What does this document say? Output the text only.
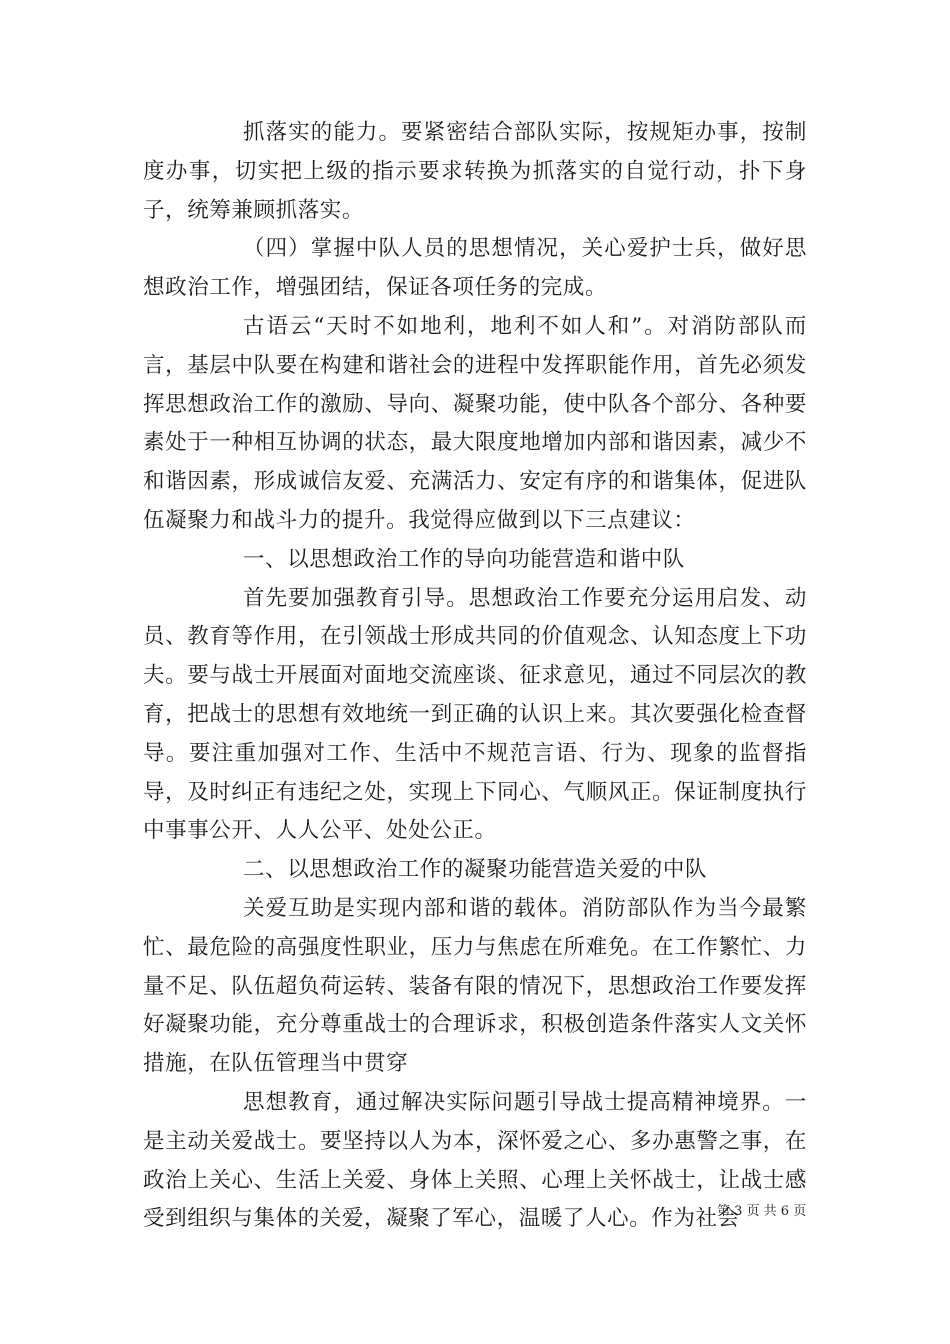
抓落实的能力。要紧密结合部队实际，按规矩办事，按制度办事，切实把上级的指示要求转换为抓落实的自觉行动，扑下身子，统筹兼顾抓落实。

（四）掌握中队人员的思想情况，关心爱护士兵，做好思想政治工作，增强团结，保证各项任务的完成。

古语云“天时不如地利，地利不如人和”。对消防部队而言，基层中队要在构建和谐社会的进程中发挥职能作用，首先必须发挥思想政治工作的激励、导向、凝聚功能，使中队各个部分、各种要素处于一种相互协调的状态，最大限度地增加内部和谐因素，减少不和谐因素，形成诚信友爱、充满活力、安定有序的和谐集体，促进队伍凝聚力和战斗力的提升。我觉得应做到以下三点建议：

一、以思想政治工作的导向功能营造和谐中队

首先要加强教育引导。思想政治工作要充分运用启发、动员、教育等作用，在引领战士形成共同的价值观念、认知态度上下功夫。要与战士开展面对面地交流座谈、征求意见，通过不同层次的教育，把战士的思想有效地统一到正确的认识上来。其次要强化检查督导。要注重加强对工作、生活中不规范言语、行为、现象的监督指导，及时纠正有违纪之处，实现上下同心、气顺风正。保证制度执行中事事公开、人人公平、处处公正。

二、以思想政治工作的凝聚功能营造关爱的中队

关爱互助是实现内部和谐的载体。消防部队作为当今最繁忙、最危险的高强度性职业，压力与焦虑在所难免。在工作繁忙、力量不足、队伍超负荷运转、装备有限的情况下，思想政治工作要发挥好凝聚功能，充分尊重战士的合理诉求，积极创造条件落实人文关怀措施，在队伍管理当中贯穿

思想教育，通过解决实际问题引导战士提高精神境界。一是主动关爱战士。要坚持以人为本，深怀爱之心、多办惠警之事，在政治上关心、生活上关爱、身体上关照、心理上关怀战士，让战士感受到组织与集体的关爱，凝聚了军心，温暖了人心。作为社会

第 3 页 共 6 页
